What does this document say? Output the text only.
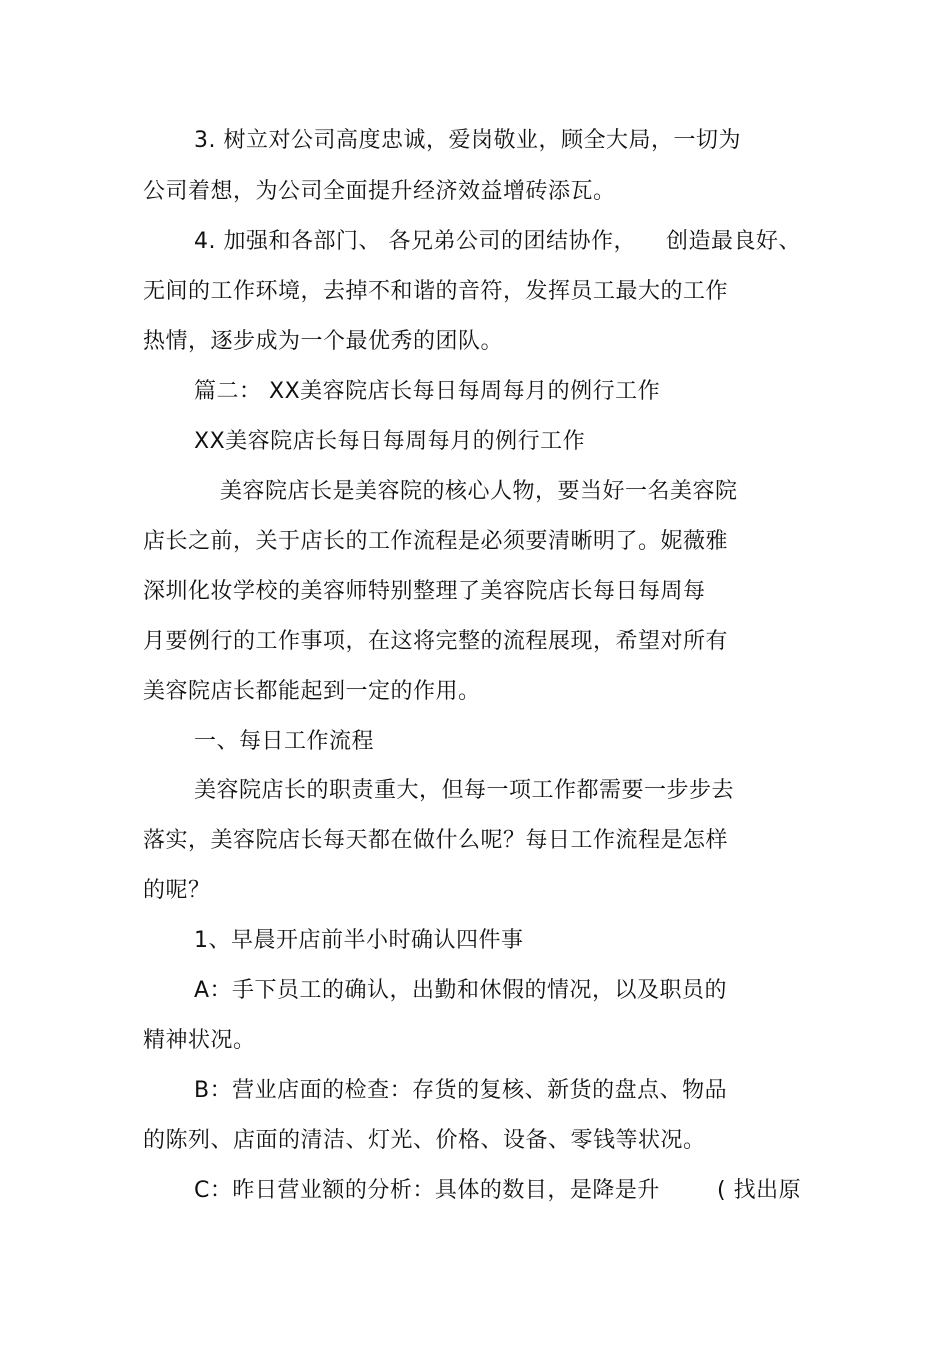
3. 树立对公司高度忠诚，爱岗敬业，顾全大局，一切为
公司着想，为公司全面提升经济效益增砖添瓦。
4. 加强和各部门、 各兄弟公司的团结协作， 创造最良好、
无间的工作环境，去掉不和谐的音符，发挥员工最大的工作
热情，逐步成为一个最优秀的团队。
篇二： XX美容院店长每日每周每月的例行工作
XX美容院店长每日每周每月的例行工作
美容院店长是美容院的核心人物，要当好一名美容院
店长之前，关于店长的工作流程是必须要清晰明了。妮薇雅
深圳化妆学校的美容师特别整理了美容院店长每日每周每
月要例行的工作事项，在这将完整的流程展现，希望对所有
美容院店长都能起到一定的作用。
一、每日工作流程
美容院店长的职责重大，但每一项工作都需要一步步去
落实，美容院店长每天都在做什么呢？每日工作流程是怎样
的呢？
1、早晨开店前半小时确认四件事
A：手下员工的确认，出勤和休假的情况，以及职员的
精神状况。
B：营业店面的检查：存货的复核、新货的盘点、物品
的陈列、店面的清洁、灯光、价格、设备、零钱等状况。
C：昨日营业额的分析：具体的数目，是降是升	( 找出原
